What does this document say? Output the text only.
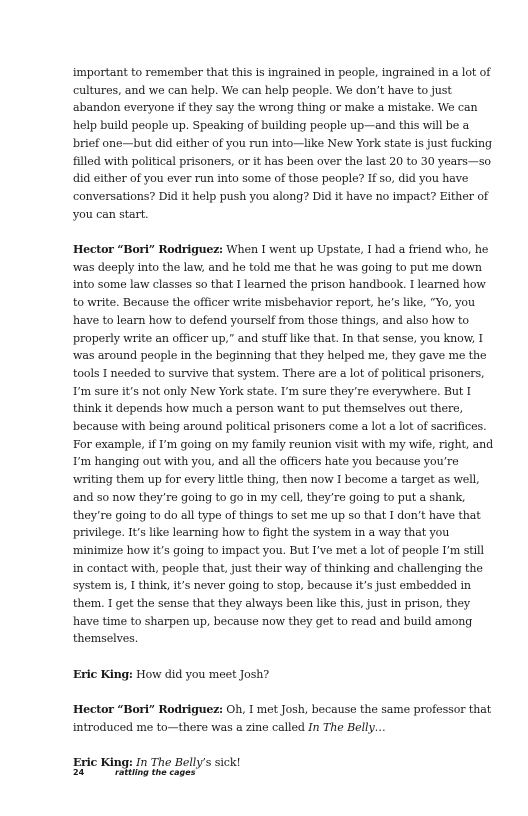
important to remember that this is ingrained in people, ingrained in a lot of cultures, and we can help. We can help people. We don’t have to just abandon everyone if they say the wrong thing or make a mistake. We can help build people up. Speaking of building people up—and this will be a brief one—but did either of you run into—like New York state is just fucking filled with political prisoners, or it has been over the last 20 to 30 years—so did either of you ever run into some of those people? If so, did you have conversations? Did it help push you along? Did it have no impact? Either of you can start.

Hector “Bori” Rodriguez: When I went up Upstate, I had a friend who, he was deeply into the law, and he told me that he was going to put me down into some law classes so that I learned the prison handbook. I learned how to write. Because the officer write misbehavior report, he’s like, “Yo, you have to learn how to defend yourself from those things, and also how to properly write an officer up,” and stuff like that. In that sense, you know, I was around people in the beginning that they helped me, they gave me the tools I needed to survive that system. There are a lot of political prisoners, I’m sure it’s not only New York state. I’m sure they’re everywhere. But I think it depends how much a person want to put themselves out there, because with being around political prisoners come a lot a lot of sacrifices. For example, if I’m going on my family reunion visit with my wife, right, and I’m hanging out with you, and all the officers hate you because you’re writing them up for every little thing, then now I become a target as well, and so now they’re going to go in my cell, they’re going to put a shank, they’re going to do all type of things to set me up so that I don’t have that privilege. It’s like learning how to fight the system in a way that you minimize how it’s going to impact you. But I’ve met a lot of people I’m still in contact with, people that, just their way of thinking and challenging the system is, I think, it’s never going to stop, because it’s just embedded in them. I get the sense that they always been like this, just in prison, they have time to sharpen up, because now they get to read and build among themselves.

Eric King: How did you meet Josh?

Hector “Bori” Rodriguez: Oh, I met Josh, because the same professor that introduced me to—there was a zine called In The Belly…

Eric King: In The Belly’s sick!

24	rattling the cages
